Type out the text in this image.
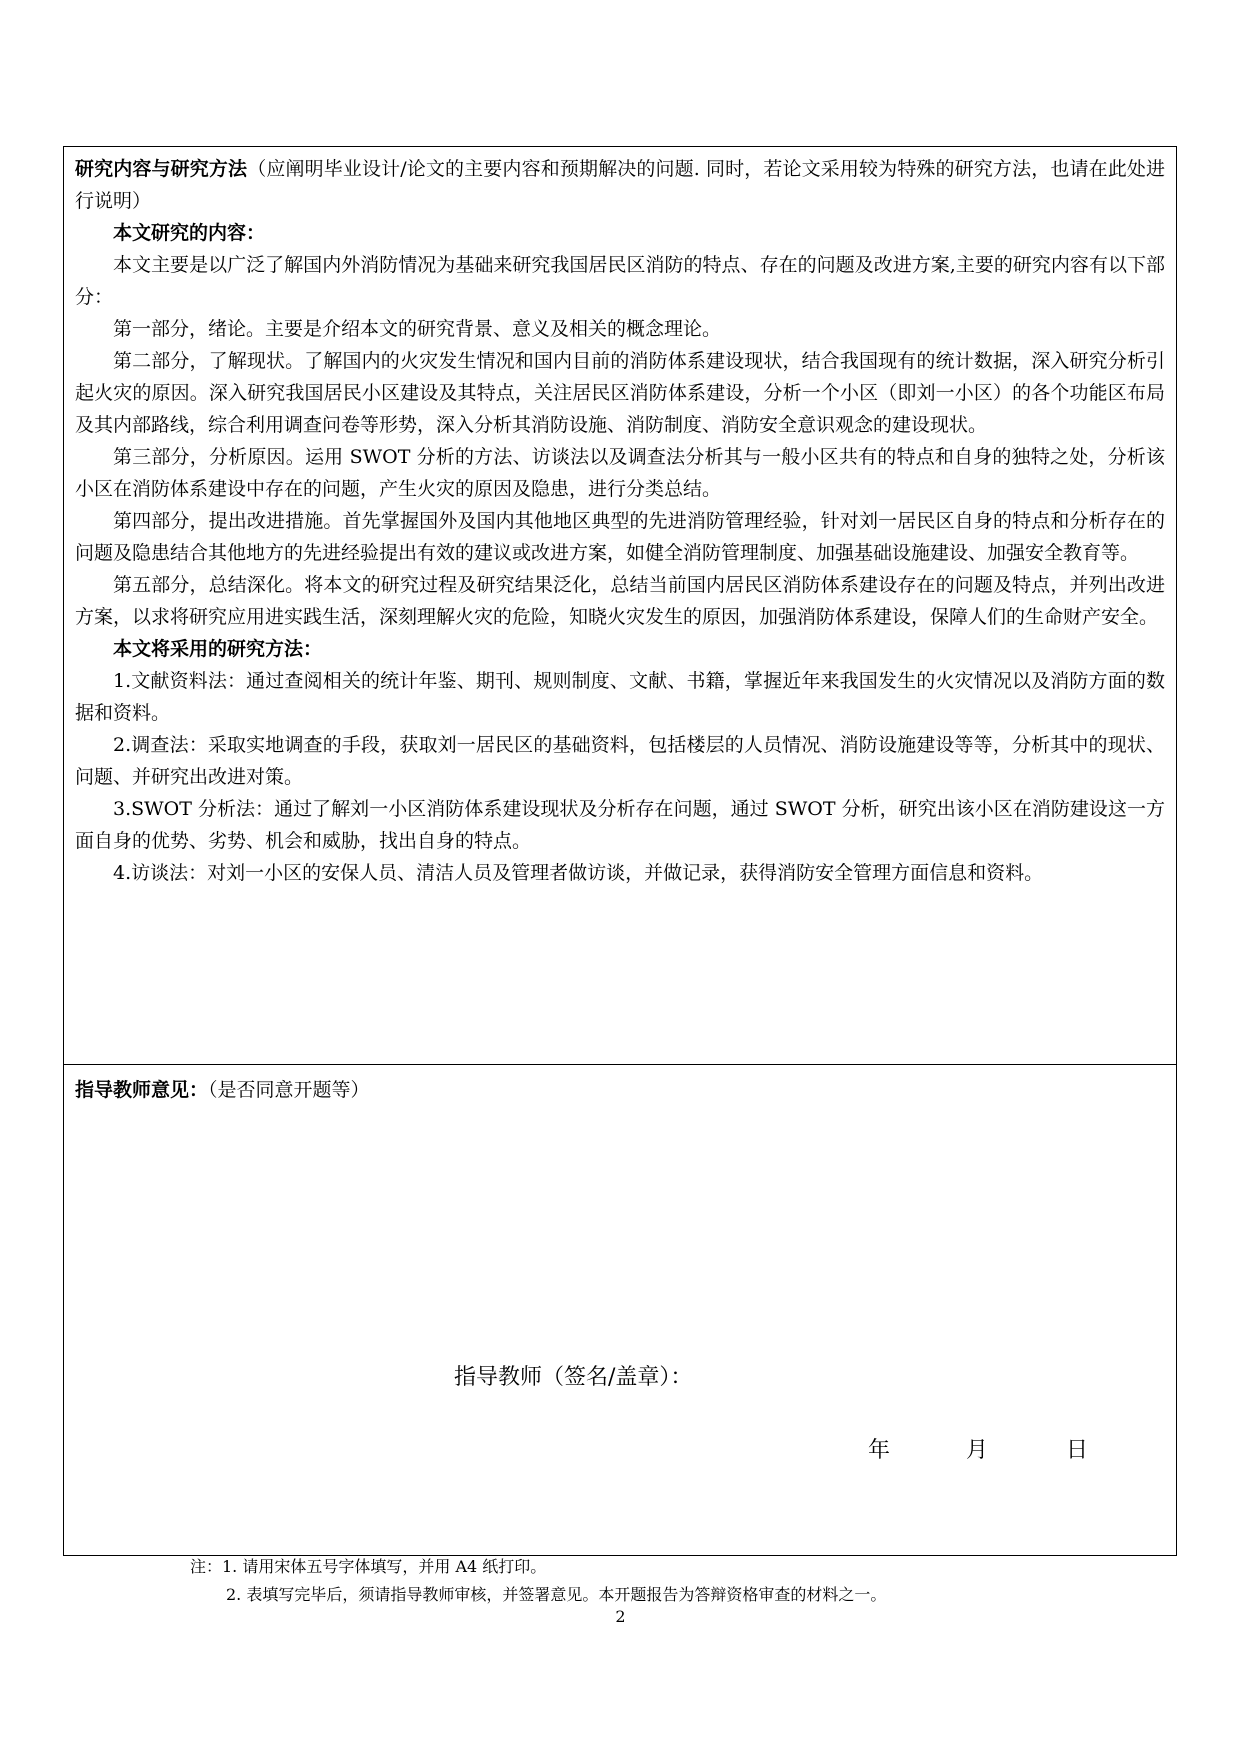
研究内容与研究方法（应阐明毕业设计/论文的主要内容和预期解决的问题. 同时，若论文采用较为特殊的研究方法，也请在此处进行说明）
本文研究的内容：

本文主要是以广泛了解国内外消防情况为基础来研究我国居民区消防的特点、存在的问题及改进方案,主要的研究内容有以下部分：

第一部分，绪论。主要是介绍本文的研究背景、意义及相关的概念理论。

第二部分，了解现状。了解国内的火灾发生情况和国内目前的消防体系建设现状，结合我国现有的统计数据，深入研究分析引起火灾的原因。深入研究我国居民小区建设及其特点，关注居民区消防体系建设，分析一个小区（即刘一小区）的各个功能区布局及其内部路线，综合利用调查问卷等形势，深入分析其消防设施、消防制度、消防安全意识观念的建设现状。

第三部分，分析原因。运用 SWOT 分析的方法、访谈法以及调查法分析其与一般小区共有的特点和自身的独特之处，分析该小区在消防体系建设中存在的问题，产生火灾的原因及隐患，进行分类总结。

第四部分，提出改进措施。首先掌握国外及国内其他地区典型的先进消防管理经验，针对刘一居民区自身的特点和分析存在的问题及隐患结合其他地方的先进经验提出有效的建议或改进方案，如健全消防管理制度、加强基础设施建设、加强安全教育等。

第五部分，总结深化。将本文的研究过程及研究结果泛化，总结当前国内居民区消防体系建设存在的问题及特点，并列出改进方案，以求将研究应用进实践生活，深刻理解火灾的危险，知晓火灾发生的原因，加强消防体系建设，保障人们的生命财产安全。

本文将采用的研究方法：

1.文献资料法：通过查阅相关的统计年鉴、期刊、规则制度、文献、书籍，掌握近年来我国发生的火灾情况以及消防方面的数据和资料。

2.调查法：采取实地调查的手段，获取刘一居民区的基础资料，包括楼层的人员情况、消防设施建设等等，分析其中的现状、问题、并研究出改进对策。

3.SWOT 分析法：通过了解刘一小区消防体系建设现状及分析存在问题，通过 SWOT 分析，研究出该小区在消防建设这一方面自身的优势、劣势、机会和威胁，找出自身的特点。

4.访谈法：对刘一小区的安保人员、清洁人员及管理者做访谈，并做记录，获得消防安全管理方面信息和资料。

指导教师意见：（是否同意开题等）
指导教师（签名/盖章）：
年	月	日
注：1. 请用宋体五号字体填写，并用 A4 纸打印。
2. 表填写完毕后，须请指导教师审核，并签署意见。本开题报告为答辩资格审查的材料之一。
2
